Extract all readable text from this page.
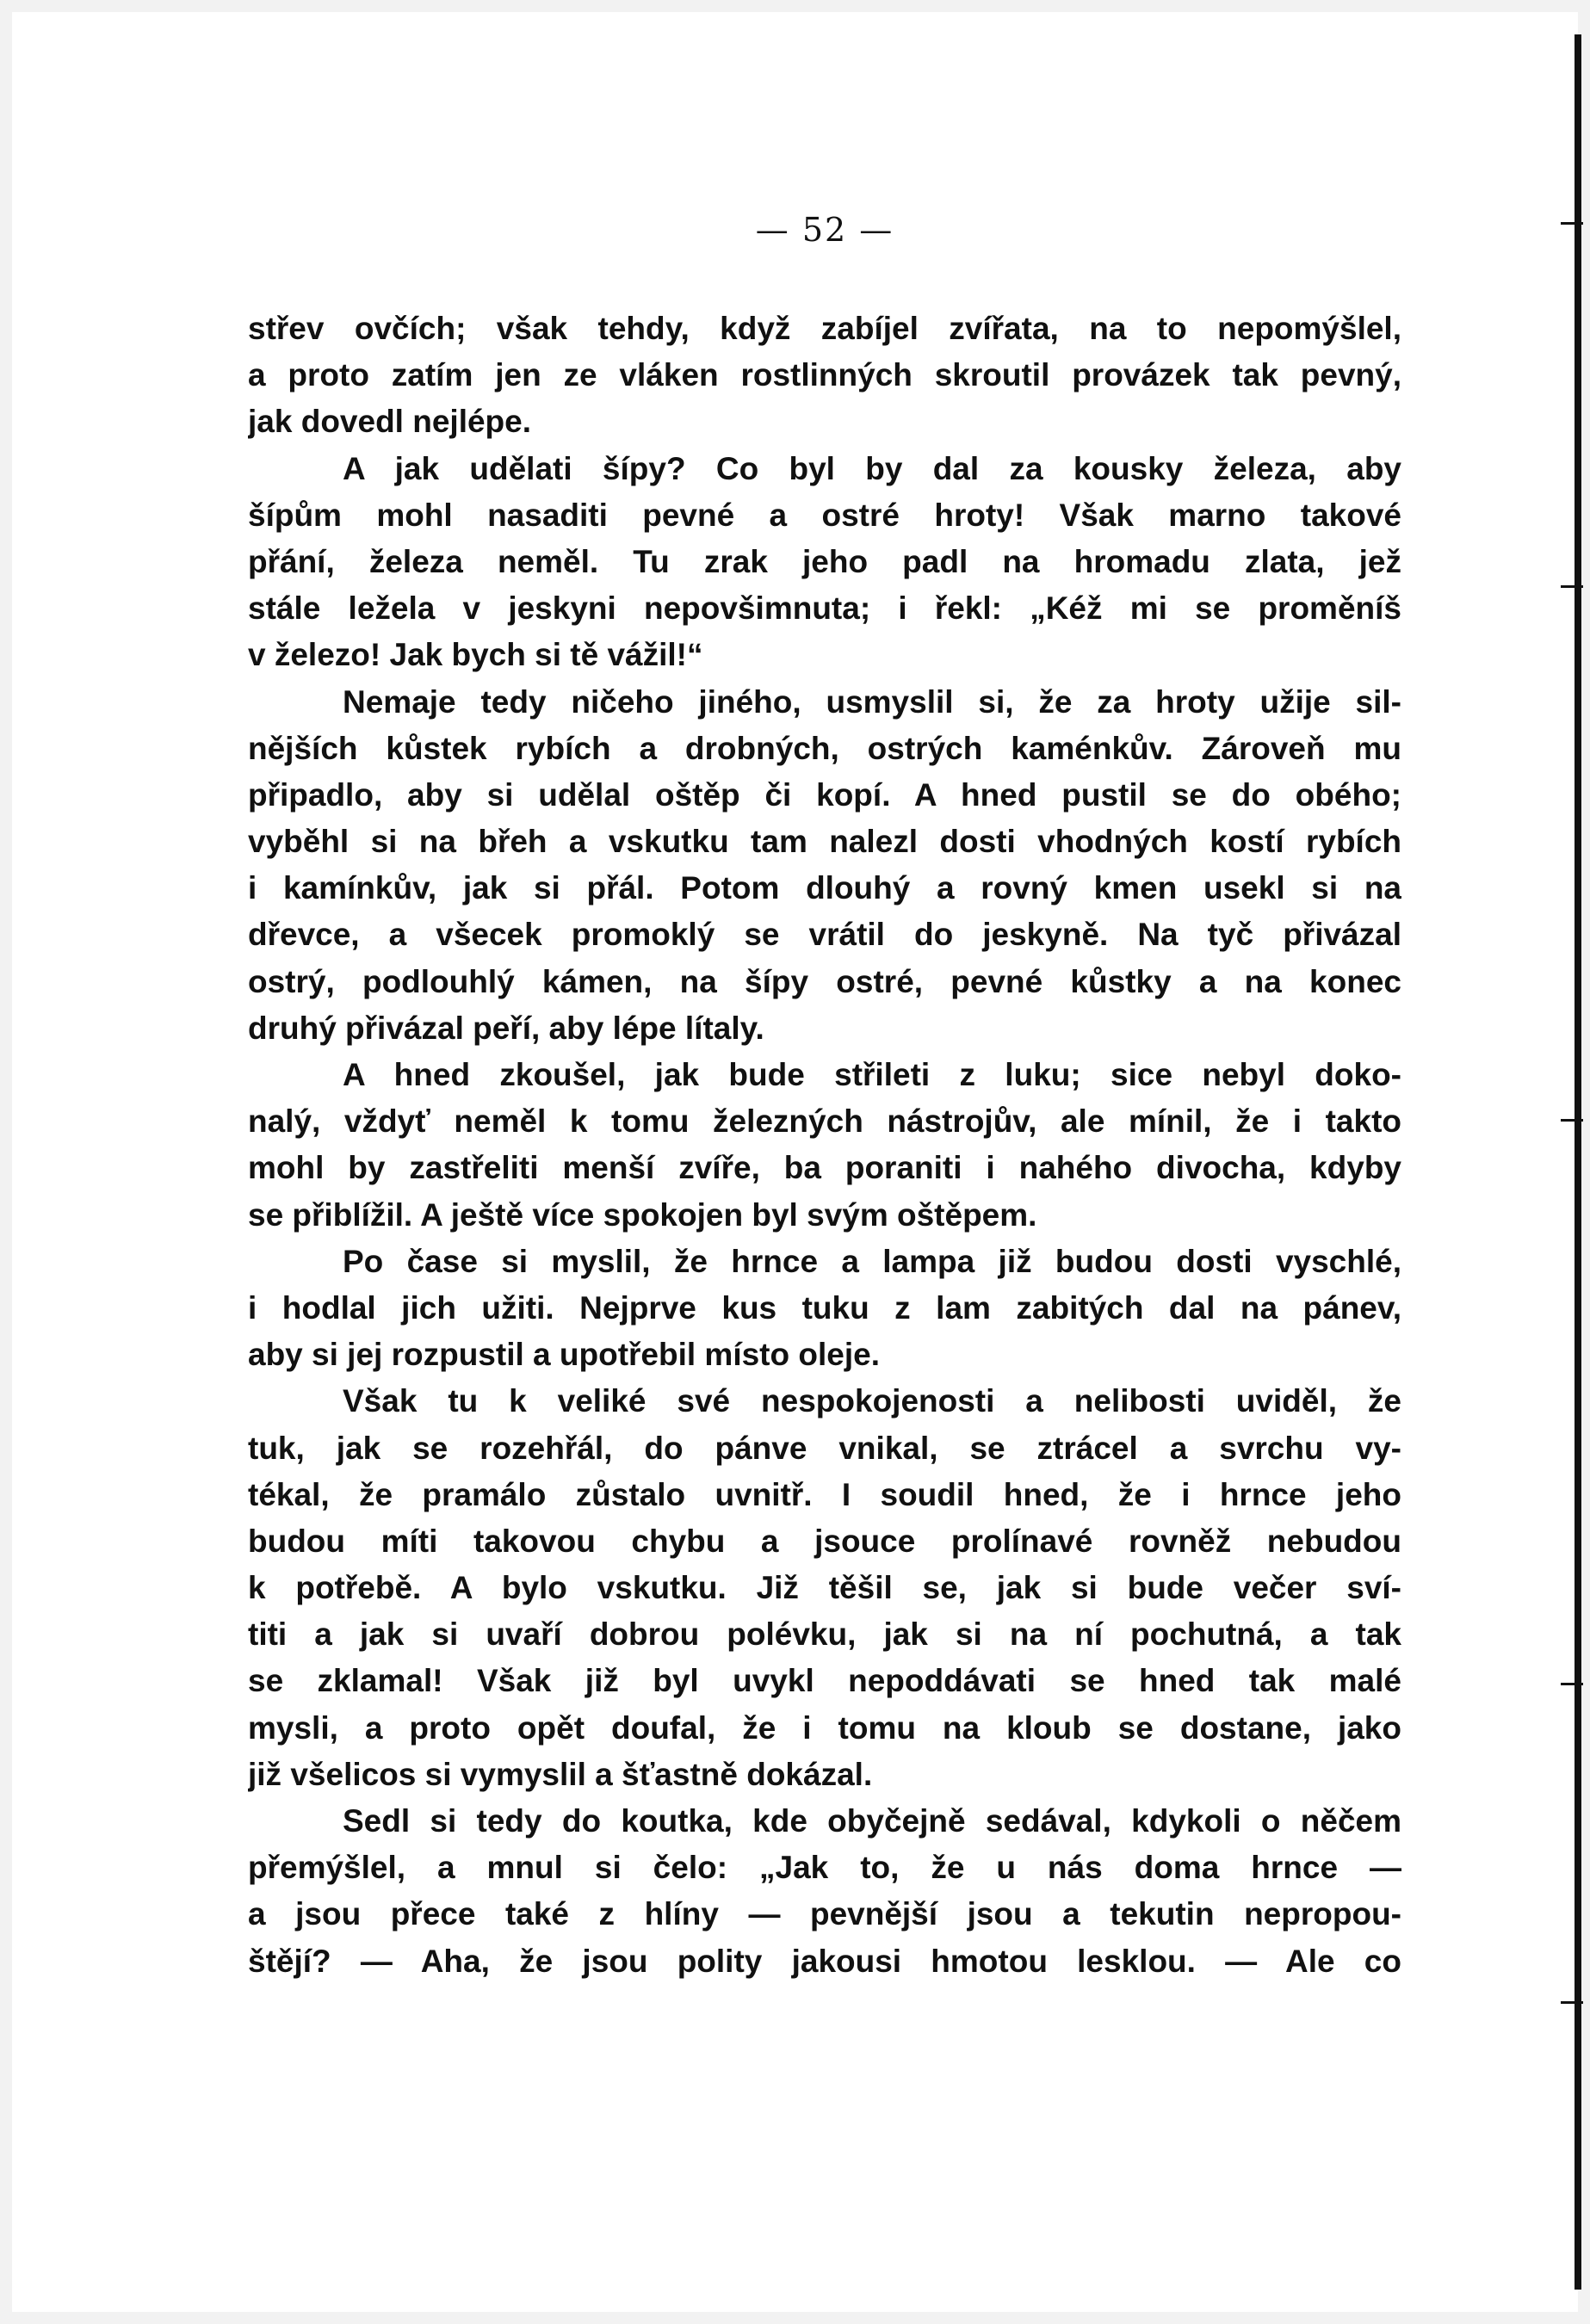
— 52 —
střev ovčích; však tehdy, když zabíjel zvířata, na to nepomýšlel,
a proto zatím jen ze vláken rostlinných skroutil provázek tak pevný,
jak dovedl nejlépe.
A jak udělati šípy? Co byl by dal za kousky železa, aby
šípům mohl nasaditi pevné a ostré hroty! Však marno takové
přání, železa neměl. Tu zrak jeho padl na hromadu zlata, jež
stále ležela v jeskyni nepovšimnuta; i řekl: „Kéž mi se proměníš
v železo! Jak bych si tě vážil!“
Nemaje tedy ničeho jiného, usmyslil si, že za hroty užije sil-
nějších kůstek rybích a drobných, ostrých kaménkův. Zároveň mu
připadlo, aby si udělal oštěp či kopí. A hned pustil se do obého;
vyběhl si na břeh a vskutku tam nalezl dosti vhodných kostí rybích
i kamínkův, jak si přál. Potom dlouhý a rovný kmen usekl si na
dřevce, a všecek promoklý se vrátil do jeskyně. Na tyč přivázal
ostrý, podlouhlý kámen, na šípy ostré, pevné kůstky a na konec
druhý přivázal peří, aby lépe lítaly.
A hned zkoušel, jak bude střileti z luku; sice nebyl doko-
nalý, vždyť neměl k tomu železných nástrojův, ale mínil, že i takto
mohl by zastřeliti menší zvíře, ba poraniti i nahého divocha, kdyby
se přiblížil. A ještě více spokojen byl svým oštěpem.
Po čase si myslil, že hrnce a lampa již budou dosti vyschlé,
i hodlal jich užiti. Nejprve kus tuku z lam zabitých dal na pánev,
aby si jej rozpustil a upotřebil místo oleje.
Však tu k veliké své nespokojenosti a nelibosti uviděl, že
tuk, jak se rozehřál, do pánve vnikal, se ztrácel a svrchu vy-
tékal, že pramálo zůstalo uvnitř. I soudil hned, že i hrnce jeho
budou míti takovou chybu a jsouce prolínavé rovněž nebudou
k potřebě. A bylo vskutku. Již těšil se, jak si bude večer sví-
titi a jak si uvaří dobrou polévku, jak si na ní pochutná, a tak
se zklamal! Však již byl uvykl nepoddávati se hned tak malé
mysli, a proto opět doufal, že i tomu na kloub se dostane, jako
již všelicos si vymyslil a šťastně dokázal.
Sedl si tedy do koutka, kde obyčejně sedával, kdykoli o něčem
přemýšlel, a mnul si čelo: „Jak to, že u nás doma hrnce —
a jsou přece také z hlíny — pevnější jsou a tekutin nepropou-
štějí? — Aha, že jsou polity jakousi hmotou lesklou. — Ale co
